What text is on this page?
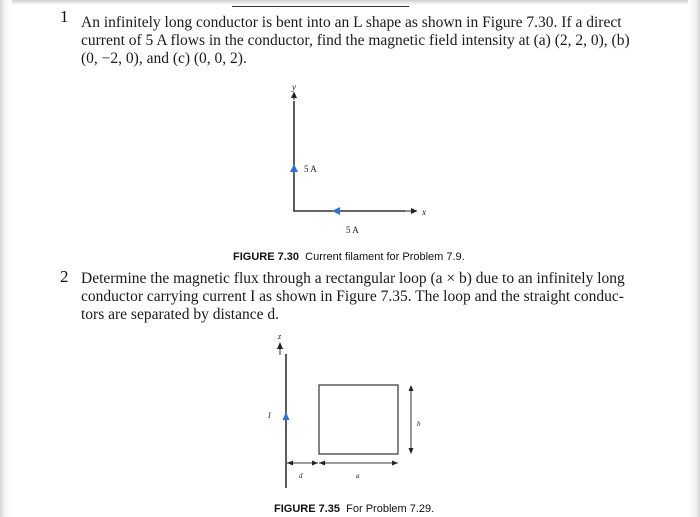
1 An infinitely long conductor is bent into an L shape as shown in Figure 7.30. If a direct
current of 5 A flows in the conductor, find the magnetic field intensity at (a) (2, 2, 0), (b)
(0, −2, 0), and (c) (0, 0, 2).
y
5 A
5 A
x
FIGURE 7.30 Current filament for Problem 7.9.
2 Determine the magnetic flux through a rectangular loop (a × b) due to an infinitely long
conductor carrying current I as shown in Figure 7.35. The loop and the straight conduc-
tors are separated by distance d.
z
I
b
d	a
FIGURE 7.35 For Problem 7.29.
